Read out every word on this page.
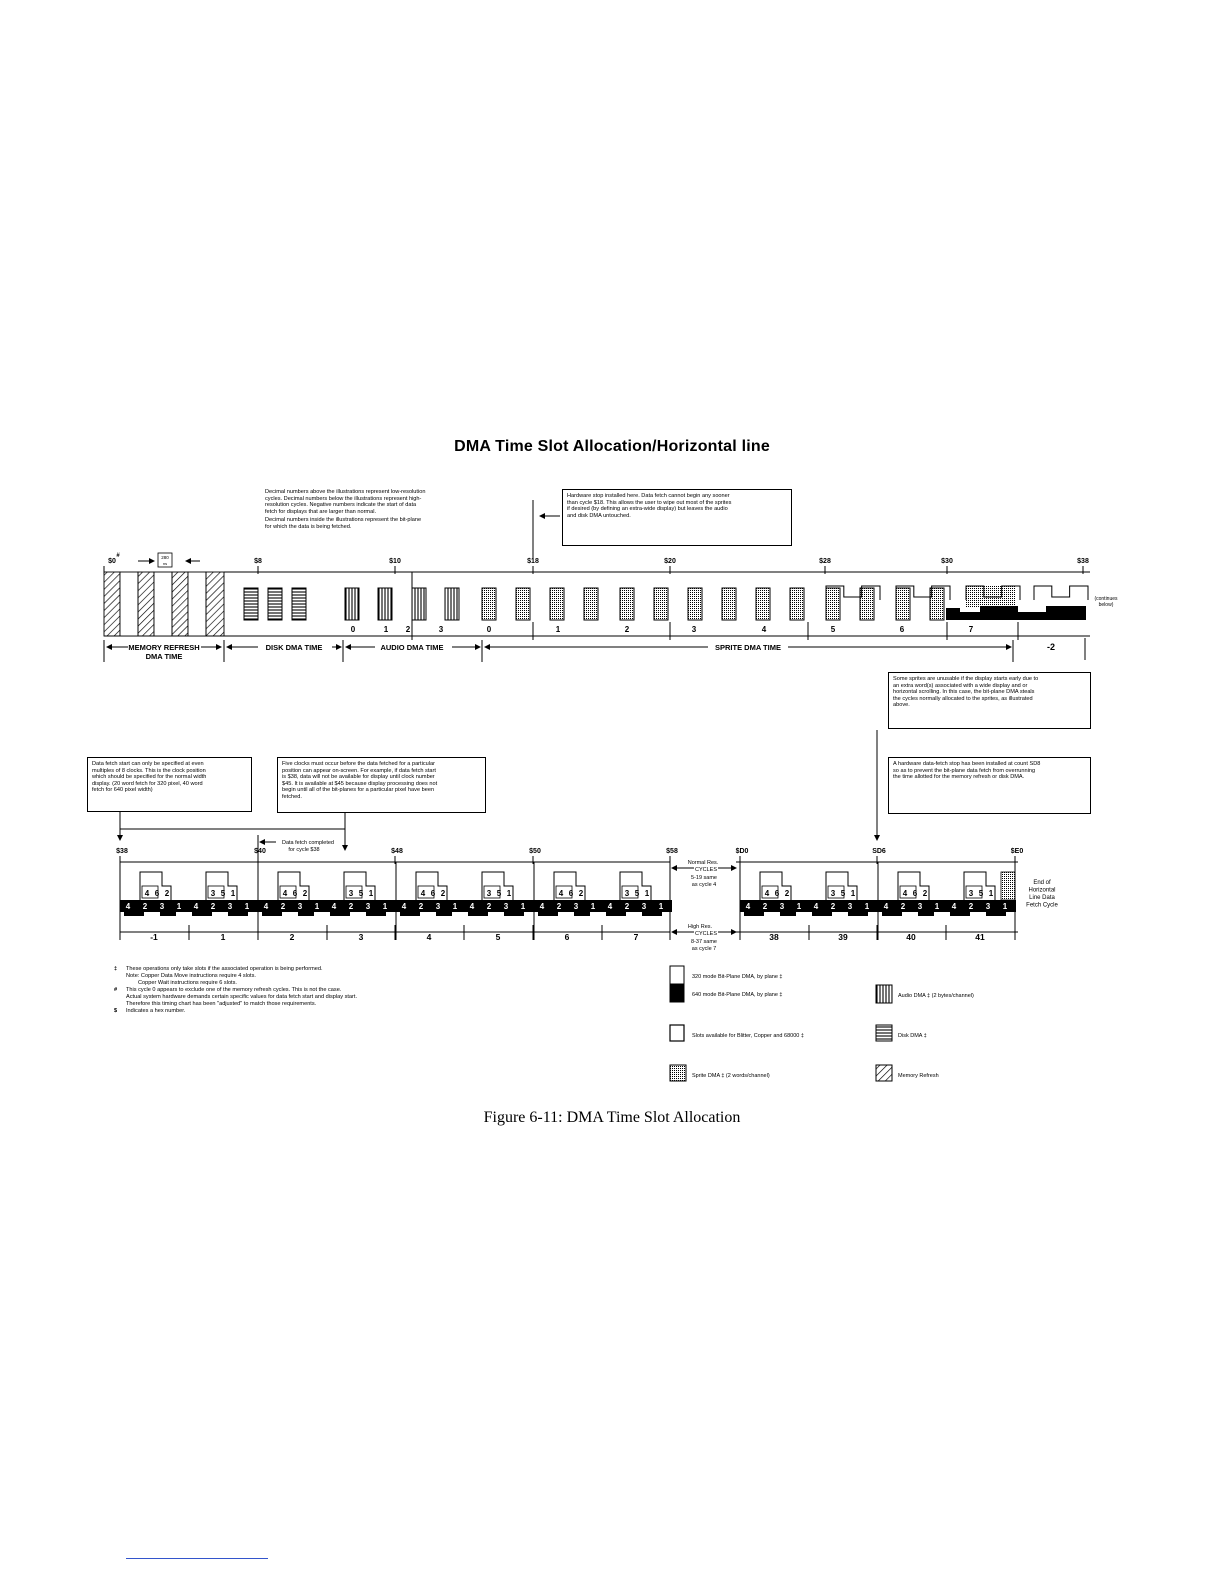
$0	$8	$10	$18	$20	$28	$30	$38
#	280
ns
0	1 2	3	0	1	2	3	4	5	6	7
-2
(continues
below)
MEMORY REFRESH
DMA TIME
DISK DMA TIME	AUDIO DMA TIME	SPRITE DMA TIME
$38	$40	$48	$50	$58	$D0	SD6	$E0
Data fetch completed
for cycle $38
4 6 2	3 5 1
4 2 3 1 4 2 3 1
4 6 2	3 5 1
4 2 3 1 4 2 3 1
4 6 2	3 5 1
4 2 3 1 4 2 3 1
4 6 2	3 5 1
4 2 3 1 4 2 3 1
-1	1	2	3	4	5	6	7
4 6 2	3 5 1
4 2 3 1 4 2 3 1
4 6 2	3 5 1
4 2 3 1 4 2 3 1
38	39	40	41
Normal Res.
CYCLES
5-19 same
as cycle 4
High Res.
CYCLES
8-37 same
as cycle 7
End of
Horizontal
Line Data
Fetch Cycle
320 mode Bit-Plane DMA, by plane ‡
640 mode Bit-Plane DMA, by plane ‡	Audio DMA ‡ (2 bytes/channel)
Slots available for Blitter, Copper and 68000 ‡	Disk DMA ‡
Sprite DMA ‡ (2 words/channel)	Memory Refresh
DMA Time Slot Allocation/Horizontal line
Decimal numbers above the illustrations represent low-resolution
cycles. Decimal numbers below the illustrations represent high-
resolution cycles. Negative numbers indicate the start of data
fetch for displays that are larger than normal.
Decimal numbers inside the illustrations represent the bit-plane
for which the data is being fetched.
Hardware stop installed here. Data fetch cannot begin any sooner
than cycle $18. This allows the user to wipe out most of the sprites
if desired (by defining an extra-wide display) but leaves the audio
and disk DMA untouched.
Some sprites are unusable if the display starts early due to
an extra word(s) associated with a wide display and or
horizontal scrolling. In this case, the bit-plane DMA steals
the cycles normally allocated to the sprites, as illustrated
above.
Data fetch start can only be specified at even
multiples of 8 clocks. This is the clock position
which should be specified for the normal width
display. (20 word fetch for 320 pixel, 40 word
fetch for 640 pixel width)
Five clocks must occur before the data fetched for a particular
position can appear on-screen. For example, if data fetch start
is $38, data will not be available for display until clock number
$45. It is available at $45 because display processing does not
begin until all of the bit-planes for a particular pixel have been
fetched.
A hardware data-fetch stop has been installed at count SD8
so as to prevent the bit-plane data fetch from overrunning
the time allotted for the memory refresh or disk DMA.

‡ These operations only take slots if the associated operation is being performed.

Note: Copper Data Move instructions require 4 slots.

Copper Wait instructions require 6 slots.

# This cycle 0 appears to exclude one of the memory refresh cycles. This is not the case.

Actual system hardware demands certain specific values for data fetch start and display start.

Therefore this timing chart has been "adjusted" to match those requirements.

$ Indicates a hex number.

Figure 6-11: DMA Time Slot Allocation
